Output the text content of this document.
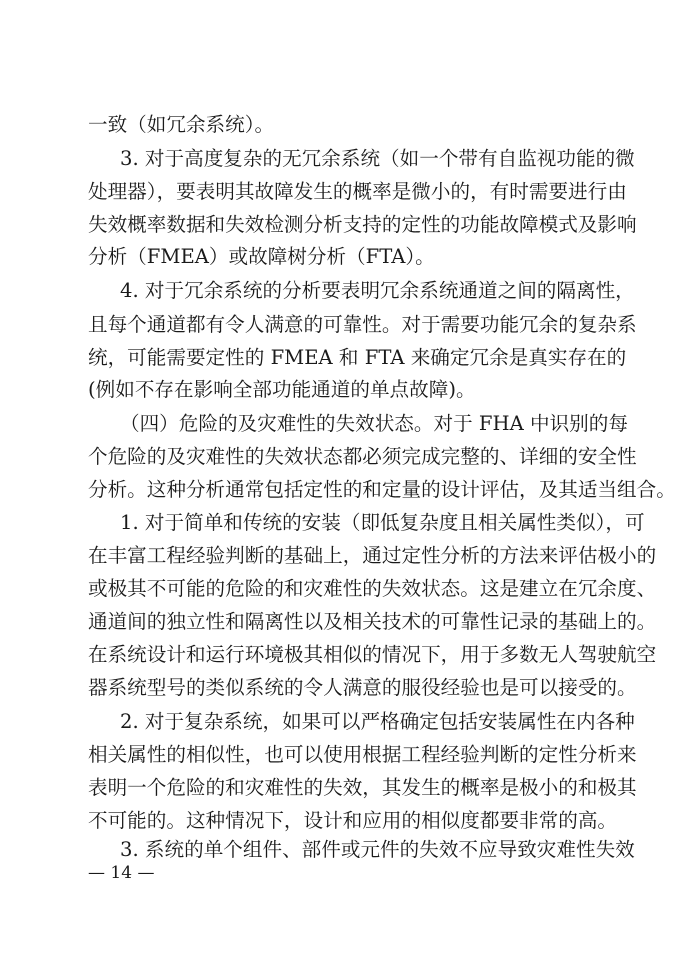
一致（如冗余系统）。
3. 对于高度复杂的无冗余系统（如一个带有自监视功能的微
处理器），要表明其故障发生的概率是微小的，有时需要进行由
失效概率数据和失效检测分析支持的定性的功能故障模式及影响
分析（FMEA）或故障树分析（FTA）。
4. 对于冗余系统的分析要表明冗余系统通道之间的隔离性，
且每个通道都有令人满意的可靠性。对于需要功能冗余的复杂系
统，可能需要定性的 FMEA 和 FTA 来确定冗余是真实存在的
(例如不存在影响全部功能通道的单点故障)。
（四）危险的及灾难性的失效状态。对于 FHA 中识别的每
个危险的及灾难性的失效状态都必须完成完整的、详细的安全性
分析。这种分析通常包括定性的和定量的设计评估，及其适当组合。
1. 对于简单和传统的安装（即低复杂度且相关属性类似），可
在丰富工程经验判断的基础上，通过定性分析的方法来评估极小的
或极其不可能的危险的和灾难性的失效状态。这是建立在冗余度、
通道间的独立性和隔离性以及相关技术的可靠性记录的基础上的。
在系统设计和运行环境极其相似的情况下，用于多数无人驾驶航空
器系统型号的类似系统的令人满意的服役经验也是可以接受的。
2. 对于复杂系统，如果可以严格确定包括安装属性在内各种
相关属性的相似性，也可以使用根据工程经验判断的定性分析来
表明一个危险的和灾难性的失效，其发生的概率是极小的和极其
不可能的。这种情况下，设计和应用的相似度都要非常的高。
3. 系统的单个组件、部件或元件的失效不应导致灾难性失效
— 14 —
